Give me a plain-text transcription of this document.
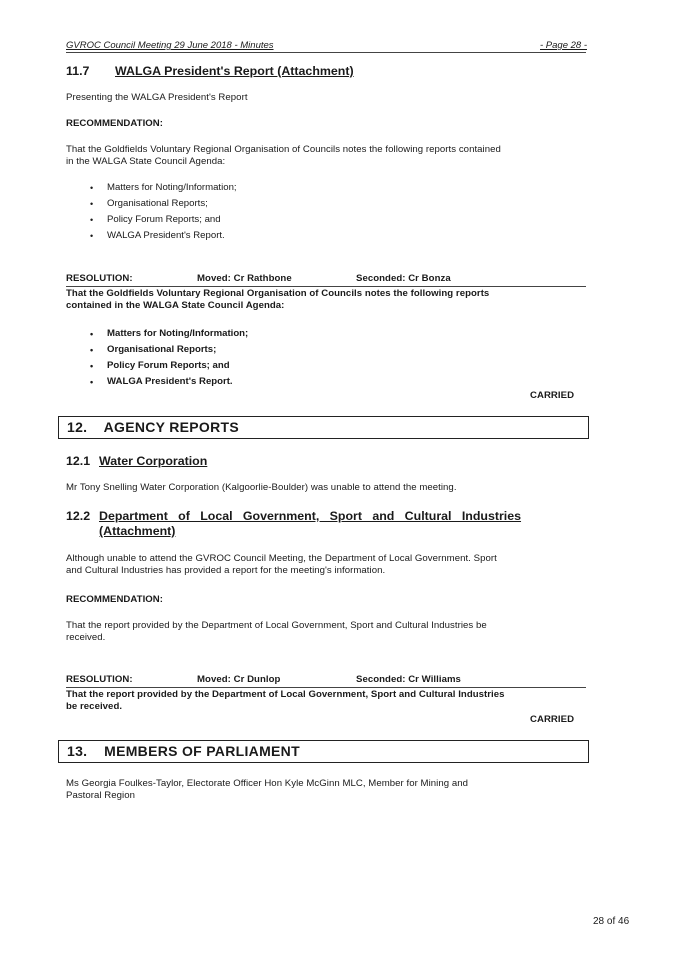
GVROC Council Meeting 29 June 2018 - Minutes	- Page 28 -
11.7 WALGA President's Report (Attachment)
Presenting the WALGA President's Report
RECOMMENDATION:
That the Goldfields Voluntary Regional Organisation of Councils notes the following reports contained
in the WALGA State Council Agenda:
• Matters for Noting/Information;
• Organisational Reports;
• Policy Forum Reports; and
• WALGA President's Report.
RESOLUTION:	Moved: Cr Rathbone	Seconded: Cr Bonza
That the Goldfields Voluntary Regional Organisation of Councils notes the following reports
contained in the WALGA State Council Agenda:
• Matters for Noting/Information;
• Organisational Reports;
• Policy Forum Reports; and
• WALGA President's Report.
CARRIED
12.    AGENCY REPORTS
12.1 Water Corporation
Mr Tony Snelling Water Corporation (Kalgoorlie-Boulder) was unable to attend the meeting.
12.2 Department   of   Local   Government,   Sport   and   Cultural   Industries
(Attachment)
Although unable to attend the GVROC Council Meeting, the Department of Local Government. Sport
and Cultural Industries has provided a report for the meeting's information.
RECOMMENDATION:
That the report provided by the Department of Local Government, Sport and Cultural Industries be
received.
RESOLUTION:	Moved: Cr Dunlop	Seconded: Cr Williams
That the report provided by the Department of Local Government, Sport and Cultural Industries
be received.
CARRIED
13.    MEMBERS OF PARLIAMENT
Ms Georgia Foulkes-Taylor, Electorate Officer Hon Kyle McGinn MLC, Member for Mining and
Pastoral Region
28 of 46
